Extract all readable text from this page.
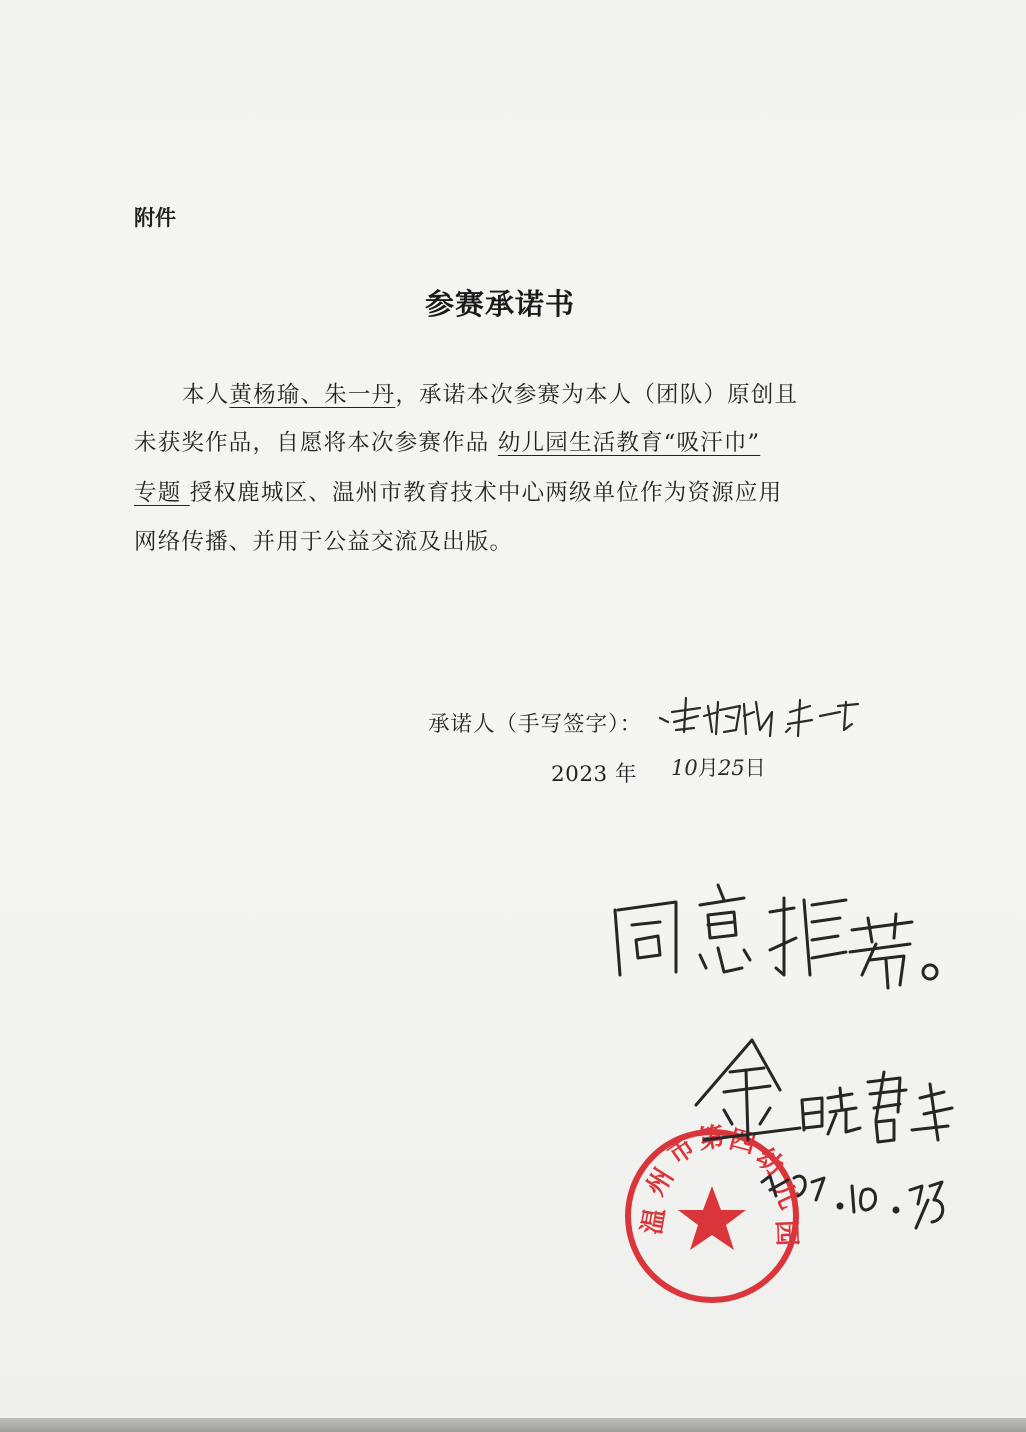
附件
参赛承诺书
本人黄杨瑜、朱一丹，承诺本次参赛为本人（团队）原创且
未获奖作品，自愿将本次参赛作品 幼儿园生活教育“吸汗巾”
专题 授权鹿城区、温州市教育技术中心两级单位作为资源应用
网络传播、并用于公益交流及出版。
承诺人（手写签字）：
2023 年 10月 25日
温
州
市
第 四
幼
儿
园
